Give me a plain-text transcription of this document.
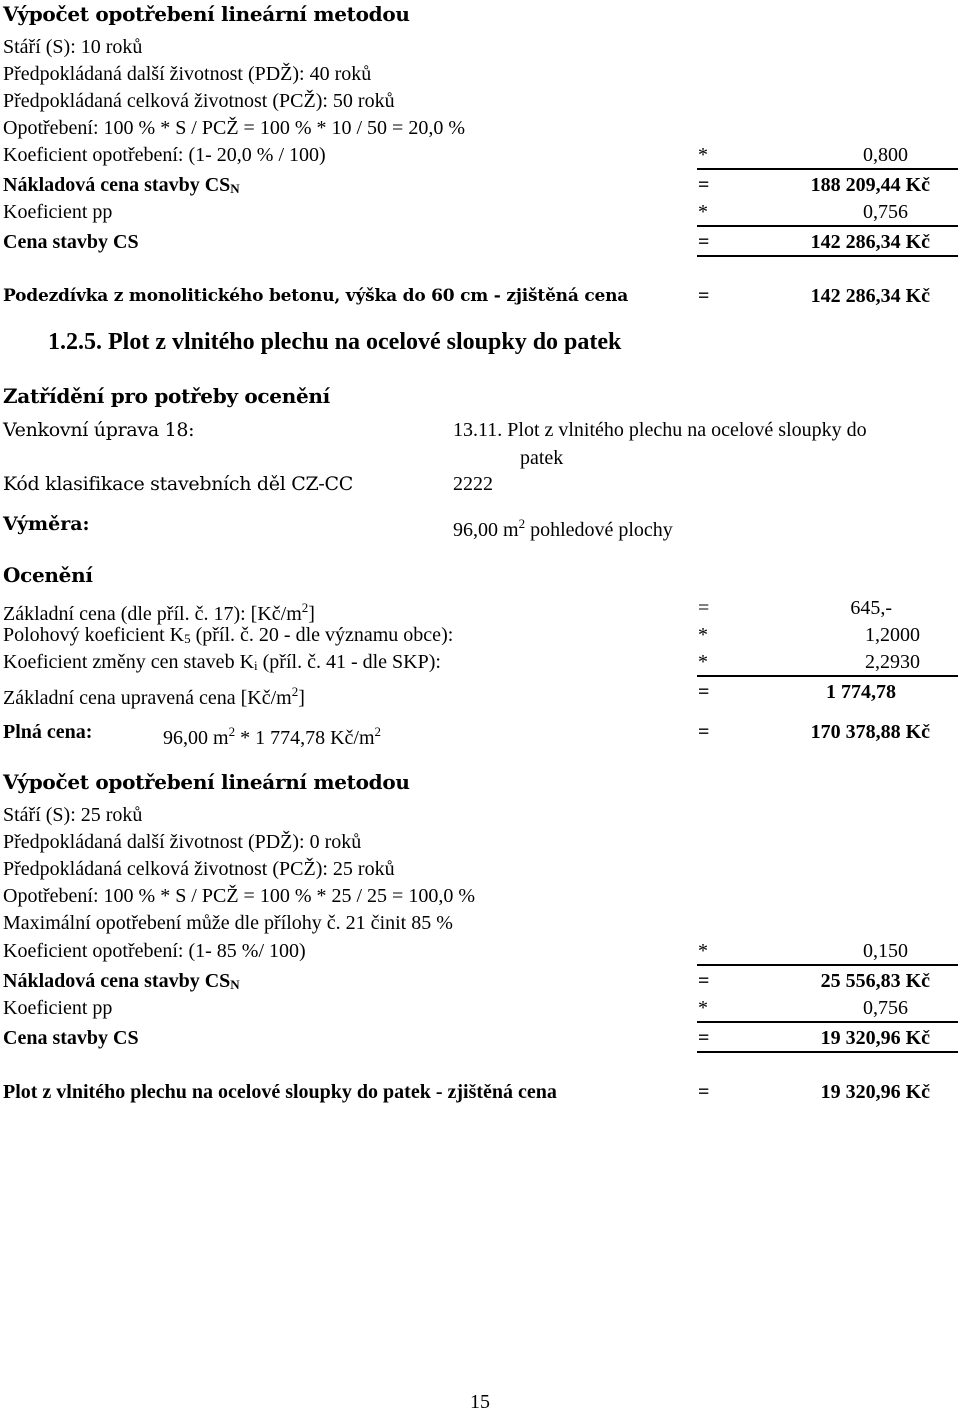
Výpočet opotřebení lineární metodou
Stáří (S): 10 roků
Předpokládaná další životnost (PDŽ): 40 roků
Předpokládaná celková životnost (PCŽ): 50 roků
Opotřebení: 100 % * S / PCŽ = 100 % * 10 / 50 = 20,0 %
Koeficient opotřebení: (1- 20,0 % / 100)	*	0,800
Nákladová cena stavby CSN	=	188 209,44 Kč
Koeficient pp	*	0,756
Cena stavby CS	=	142 286,34 Kč
Podezdívka z monolitického betonu, výška do 60 cm - zjištěná cena	=	142 286,34 Kč
1.2.5. Plot z vlnitého plechu na ocelové sloupky do patek
Zatřídění pro potřeby ocenění
Venkovní úprava 18:	13.11. Plot z vlnitého plechu na ocelové sloupky do
patek
Kód klasifikace stavebních děl CZ-CC	2222
Výměra:	96,00 $m^2$ pohledové plochy
Ocenění
Základní cena (dle příl. č. 17): $[Kč/m^2]$	=	645,-
Polohový koeficient K5 (příl. č. 20 - dle významu obce):	*	1,2000
Koeficient změny cen staveb Ki (příl. č. 41 - dle SKP):	*	2,2930
Základní cena upravená cena $[Kč/m^2]$	=	1 774,78
Plná cena:	96,00 $m^2 * 1$ 774,78 $Kč/m^2$	=	170 378,88 Kč
Výpočet opotřebení lineární metodou
Stáří (S): 25 roků
Předpokládaná další životnost (PDŽ): 0 roků
Předpokládaná celková životnost (PCŽ): 25 roků
Opotřebení: 100 % * S / PCŽ = 100 % * 25 / 25 = 100,0 %
Maximální opotřebení může dle přílohy č. 21 činit 85 %
Koeficient opotřebení: (1- 85 %/ 100)	*	0,150
Nákladová cena stavby CSN	=	25 556,83 Kč
Koeficient pp	*	0,756
Cena stavby CS	=	19 320,96 Kč
Plot z vlnitého plechu na ocelové sloupky do patek - zjištěná cena	=	19 320,96 Kč
15
